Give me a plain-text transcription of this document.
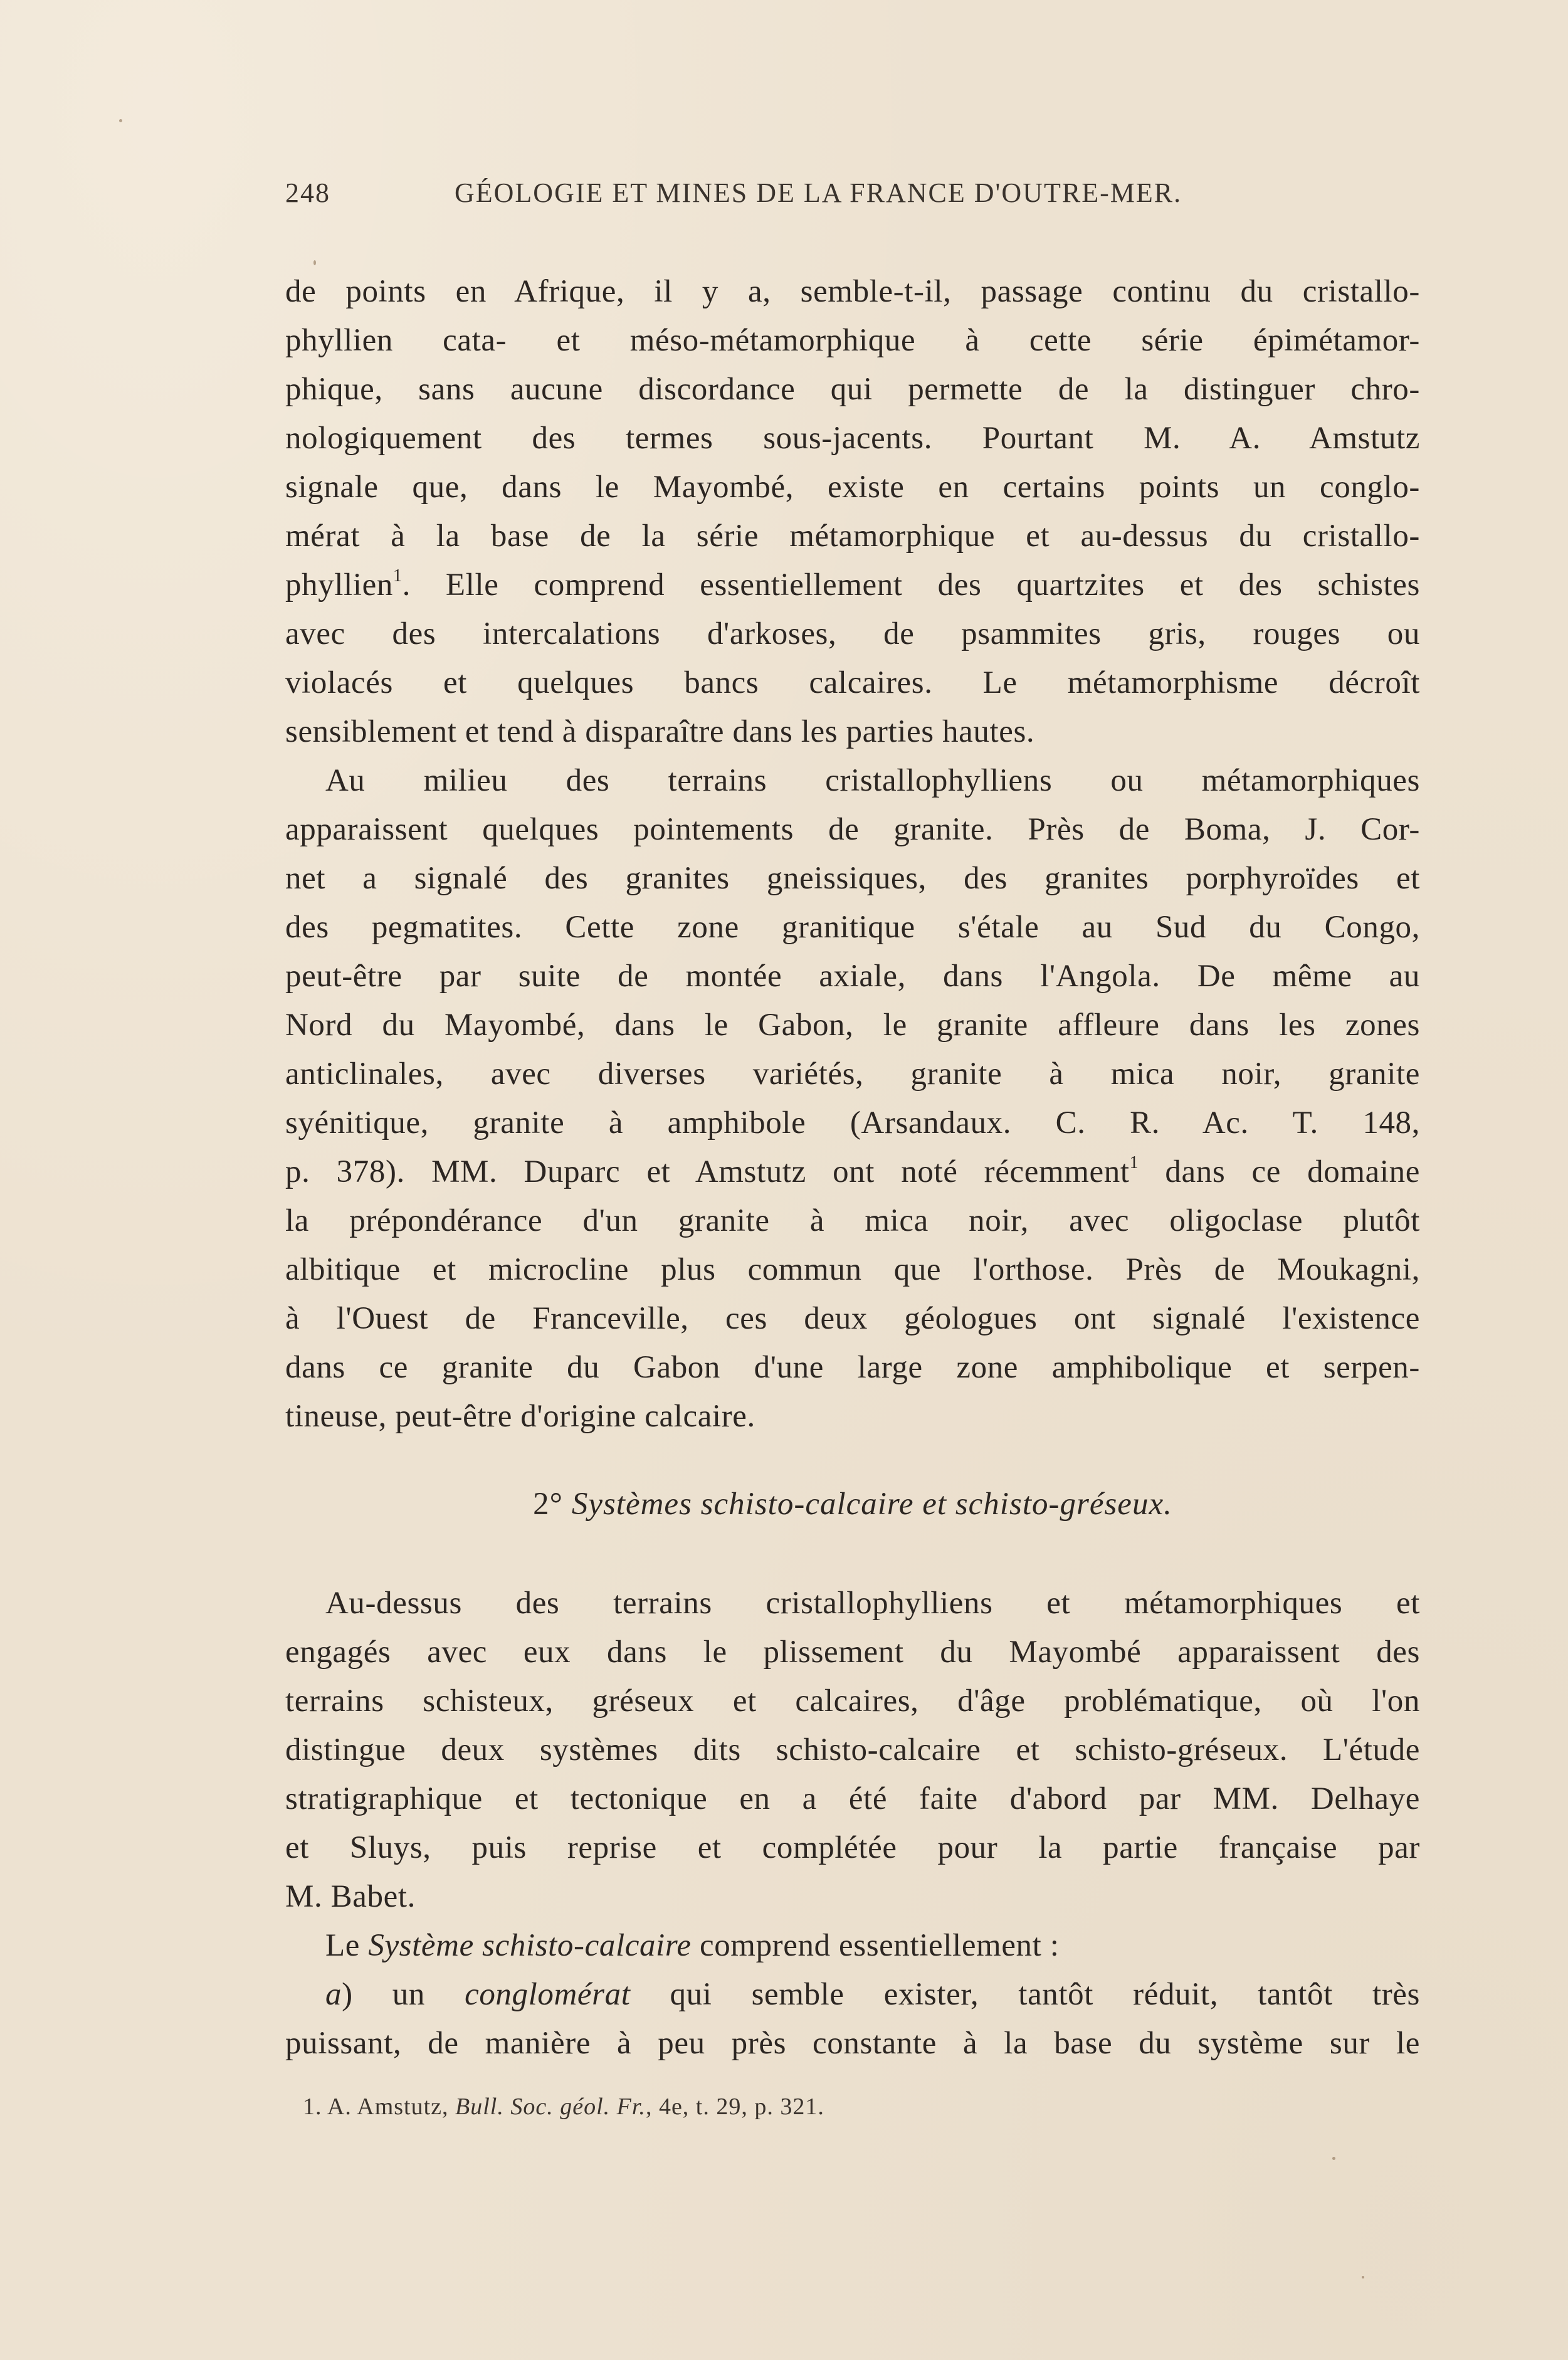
248	GÉOLOGIE ET MINES DE LA FRANCE D'OUTRE-MER.
de points en Afrique, il y a, semble-t-il, passage continu du cristallo-
phyllien cata- et méso-métamorphique à cette série épimétamor-
phique, sans aucune discordance qui permette de la distinguer chro-
nologiquement des termes sous-jacents. Pourtant M. A. Amstutz
signale que, dans le Mayombé, existe en certains points un conglo-
mérat à la base de la série métamorphique et au-dessus du cristallo-
phyllien$^1$. Elle comprend essentiellement des quartzites et des schistes
avec des intercalations d'arkoses, de psammites gris, rouges ou
violacés et quelques bancs calcaires. Le métamorphisme décroît
sensiblement et tend à disparaître dans les parties hautes.
Au milieu des terrains cristallophylliens ou métamorphiques
apparaissent quelques pointements de granite. Près de Boma, J. Cor-
net a signalé des granites gneissiques, des granites porphyroïdes et
des pegmatites. Cette zone granitique s'étale au Sud du Congo,
peut-être par suite de montée axiale, dans l'Angola. De même au
Nord du Mayombé, dans le Gabon, le granite affleure dans les zones
anticlinales, avec diverses variétés, granite à mica noir, granite
syénitique, granite à amphibole (Arsandaux. C. R. Ac. T. 148,
p. 378). MM. Duparc et Amstutz ont noté récemment$^1$ dans ce domaine
la prépondérance d'un granite à mica noir, avec oligoclase plutôt
albitique et microcline plus commun que l'orthose. Près de Moukagni,
à l'Ouest de Franceville, ces deux géologues ont signalé l'existence
dans ce granite du Gabon d'une large zone amphibolique et serpen-
tineuse, peut-être d'origine calcaire.
2° Systèmes schisto-calcaire et schisto-gréseux.
Au-dessus des terrains cristallophylliens et métamorphiques et
engagés avec eux dans le plissement du Mayombé apparaissent des
terrains schisteux, gréseux et calcaires, d'âge problématique, où l'on
distingue deux systèmes dits schisto-calcaire et schisto-gréseux. L'étude
stratigraphique et tectonique en a été faite d'abord par MM. Delhaye
et Sluys, puis reprise et complétée pour la partie française par
M. Babet.
Le Système schisto-calcaire comprend essentiellement :
a) un conglomérat qui semble exister, tantôt réduit, tantôt très
puissant, de manière à peu près constante à la base du système sur le
1. A. Amstutz, Bull. Soc. géol. Fr., 4e, t. 29, p. 321.
